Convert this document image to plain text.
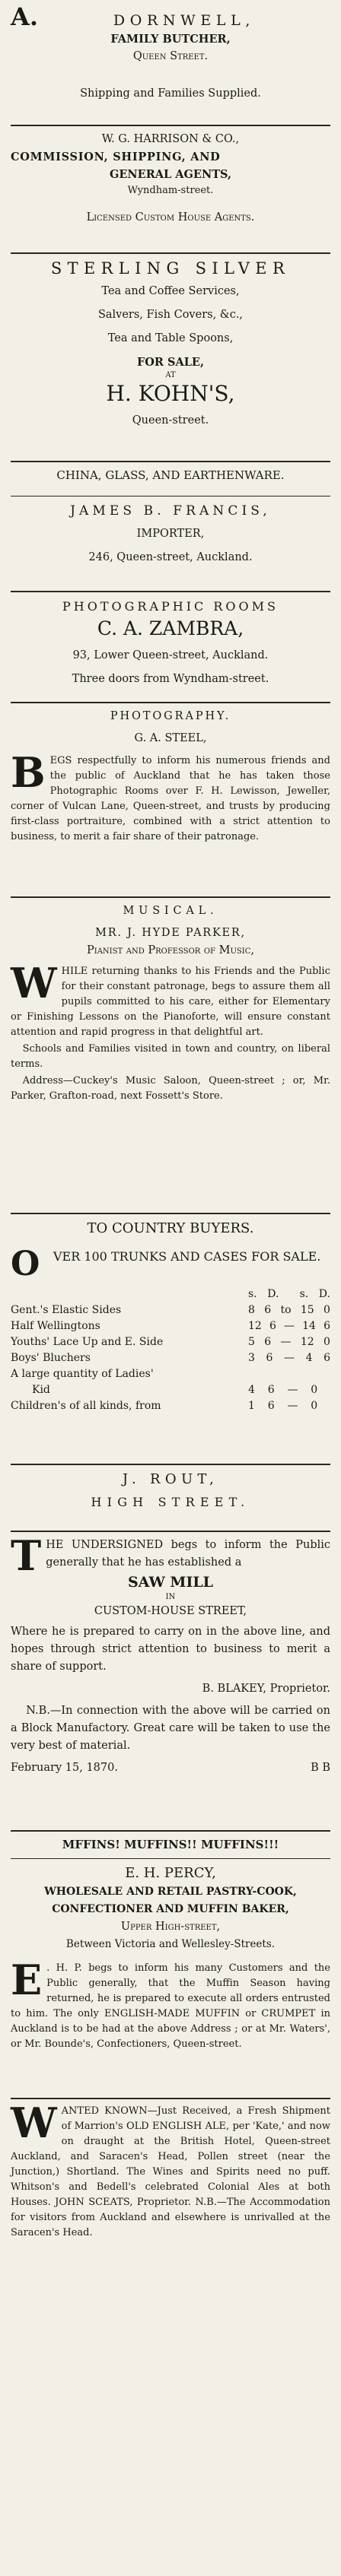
A.	DORNWELL,

FAMILY BUTCHER,

Queen Street.

Shipping and Families Supplied.

W. G. HARRISON & CO.,

COMMISSION, SHIPPING, AND

GENERAL AGENTS,

Wyndham-street.

Licensed Custom House Agents.

STERLING SILVER

Tea and Coffee Services,

Salvers, Fish Covers, &c.,

Tea and Table Spoons,

FOR SALE,

AT

H. KOHN'S,

Queen-street.

CHINA, GLASS, AND EARTHENWARE.

JAMES B. FRANCIS,

IMPORTER,

246, Queen-street, Auckland.

PHOTOGRAPHIC ROOMS

C. A. ZAMBRA,

93, Lower Queen-street, Auckland.

Three doors from Wyndham-street.

PHOTOGRAPHY.

G. A. STEEL,

B EGS respectfully to inform his numerous friends and the public of Auckland that he has taken those Photographic Rooms over F. H. Lewisson, Jeweller, corner of Vulcan Lane, Queen-street, and trusts by producing first-class portraiture, combined with a strict attention to business, to merit a fair share of their patronage.

MUSICAL.

MR. J. HYDE PARKER,

Pianist and Professor of Music,

W HILE returning thanks to his Friends and the Public for their constant patronage, begs to assure them all pupils committed to his care, either for Elementary or Finishing Lessons on the Pianoforte, will ensure constant attention and rapid progress in that delightful art.

Schools and Families visited in town and country, on liberal terms.

Address—Cuckey's Music Saloon, Queen-street ; or, Mr. Parker, Grafton-road, next Fossett's Store.

TO COUNTRY BUYERS.

O	VER 100 TRUNKS AND CASES FOR SALE.
s. D. s. D.
Gent.'s Elastic Sides	8 6 to 15 0
Half Wellingtons	12 6 — 14 6
Youths' Lace Up and E. Side	5 6 — 12 0
Boys' Bluchers	3 6 — 4 6
A large quantity of Ladies'
Kid	4 6 — 0
Children's of all kinds, from	1 6 — 0

J. ROUT,

HIGH STREET.

T HE UNDERSIGNED begs to inform the Public generally that he has established a

SAW MILL

IN

CUSTOM-HOUSE STREET,

Where he is prepared to carry on in the above line, and hopes through strict attention to business to merit a share of support.

B. BLAKEY, Proprietor.

N.B.—In connection with the above will be carried on a Block Manufactory. Great care will be taken to use the very best of material.

February 15, 1870.	B B

MFFINS! MUFFINS!! MUFFINS!!!

E. H. PERCY,

WHOLESALE AND RETAIL PASTRY-COOK,

CONFECTIONER AND MUFFIN BAKER,

Upper High-street,

Between Victoria and Wellesley-Streets.

E . H. P. begs to inform his many Customers and the Public generally, that the Muffin Season having returned, he is prepared to execute all orders entrusted to him. The only ENGLISH-MADE MUFFIN or CRUMPET in Auckland is to be had at the above Address ; or at Mr. Waters', or Mr. Bounde's, Confectioners, Queen-street.
W ANTED KNOWN—Just Received, a Fresh Shipment of Marrion's OLD ENGLISH ALE, per 'Kate,' and now on draught at the British Hotel, Queen-street Auckland, and Saracen's Head, Pollen street (near the Junction,) Shortland. The Wines and Spirits need no puff. Whitson's and Bedell's celebrated Colonial Ales at both Houses. JOHN SCEATS, Proprietor. N.B.—The Accommodation for visitors from Auckland and elsewhere is unrivalled at the Saracen's Head.
